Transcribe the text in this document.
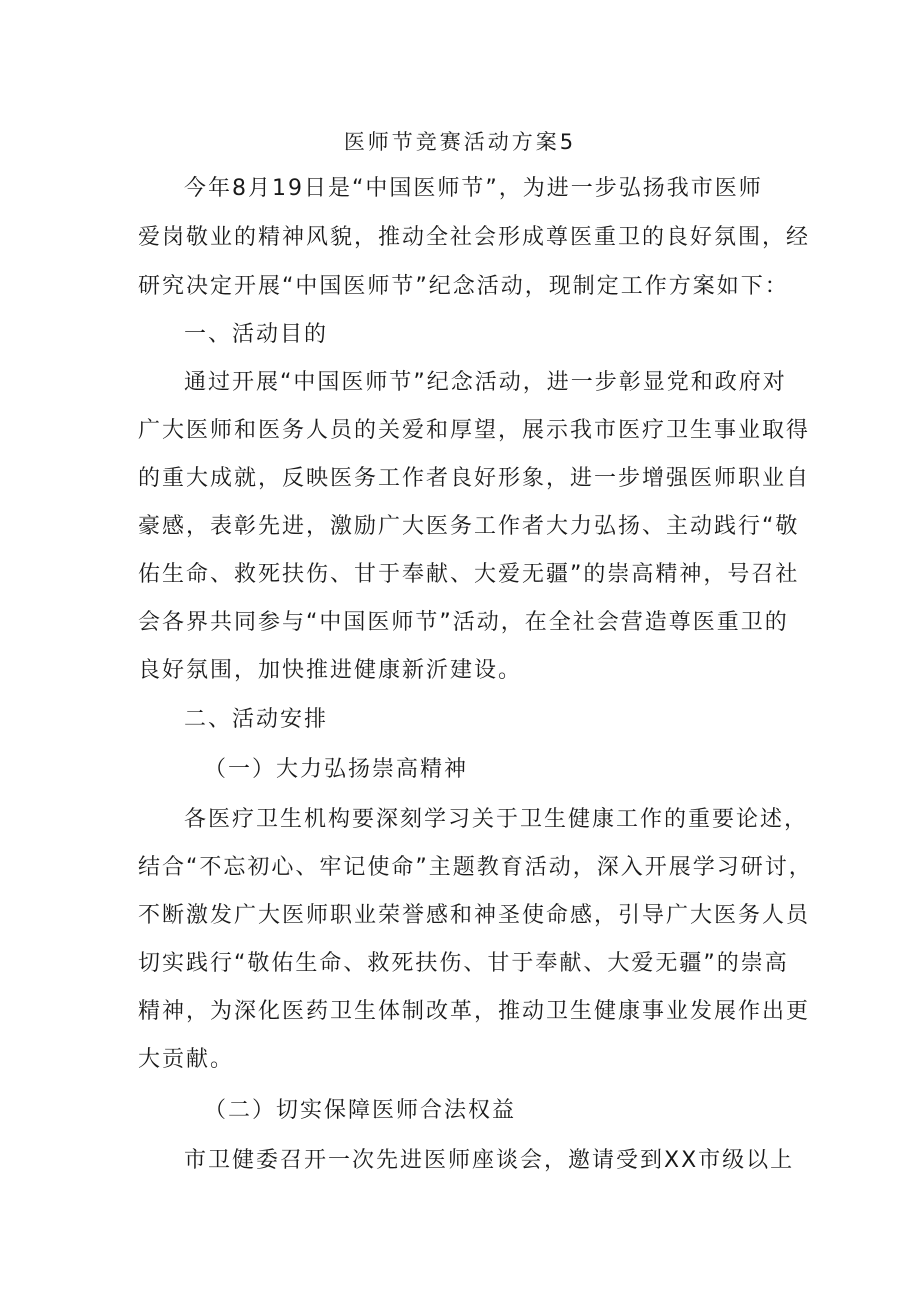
医师节竞赛活动方案5
今年8月19日是“中国医师节”，为进一步弘扬我市医师
爱岗敬业的精神风貌，推动全社会形成尊医重卫的良好氛围，经
研究决定开展“中国医师节”纪念活动，现制定工作方案如下：
一、活动目的
通过开展“中国医师节”纪念活动，进一步彰显党和政府对
广大医师和医务人员的关爱和厚望，展示我市医疗卫生事业取得
的重大成就，反映医务工作者良好形象，进一步增强医师职业自
豪感，表彰先进，激励广大医务工作者大力弘扬、主动践行“敬
佑生命、救死扶伤、甘于奉献、大爱无疆”的崇高精神，号召社
会各界共同参与“中国医师节”活动，在全社会营造尊医重卫的
良好氛围，加快推进健康新沂建设。
二、活动安排
（一）大力弘扬崇高精神
各医疗卫生机构要深刻学习关于卫生健康工作的重要论述，
结合“不忘初心、牢记使命”主题教育活动，深入开展学习研讨，
不断激发广大医师职业荣誉感和神圣使命感，引导广大医务人员
切实践行“敬佑生命、救死扶伤、甘于奉献、大爱无疆”的崇高
精神，为深化医药卫生体制改革，推动卫生健康事业发展作出更
大贡献。
（二）切实保障医师合法权益
市卫健委召开一次先进医师座谈会，邀请受到XX市级以上
